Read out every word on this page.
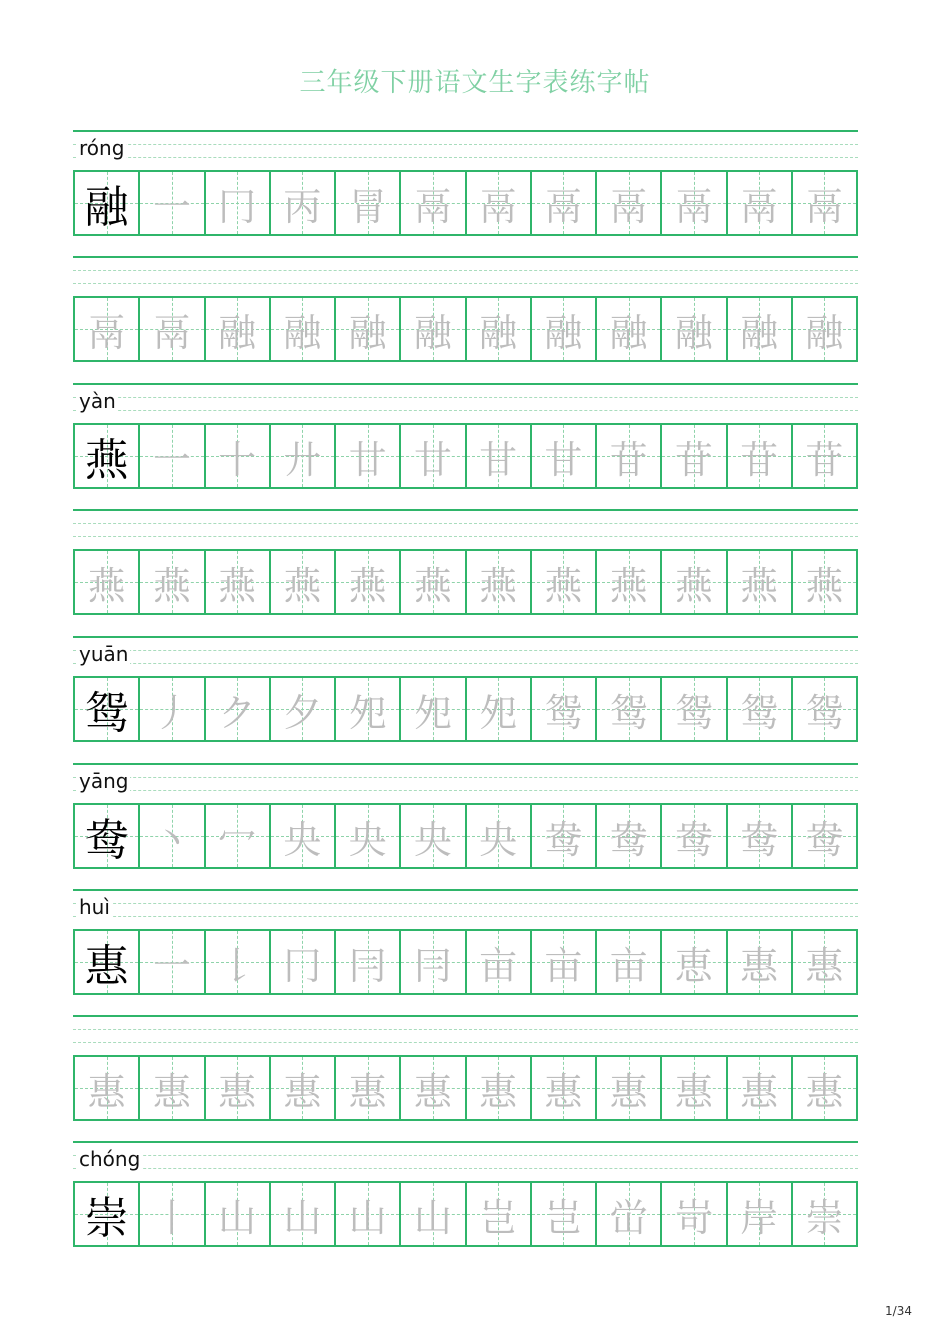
三年级下册语文生字表练字帖
róng
融 一 冂 丙 冐 鬲 鬲 鬲 鬲 鬲 鬲 鬲
鬲 鬲 融 融 融 融 融 融 融 融 融 融
yàn
燕 一 十 廾 廿 廿 甘 甘 苷 苷 苷 苷
燕 燕 燕 燕 燕 燕 燕 燕 燕 燕 燕 燕
yuān
鸳 丿 ク 夕 夗 夗 夗 鸳 鸳 鸳 鸳 鸳
yāng
鸯 丶 冖 央 央 央 央 鸯 鸯 鸯 鸯 鸯
huì
惠 一 𠄌 冂 冃 冃 亩 亩 亩 恵 惠 惠
惠 惠 惠 惠 惠 惠 惠 惠 惠 惠 惠 惠
chóng
崇 丨 山 山 山 山 岂 岂 峃 岢 岸 崇
1/34
